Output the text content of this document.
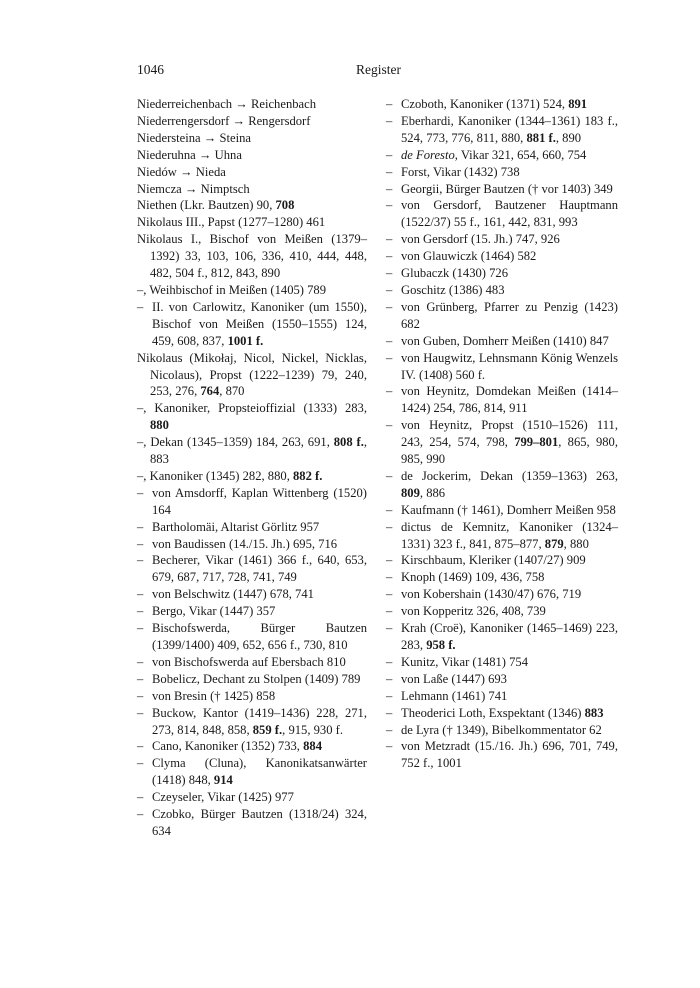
1046	Register
Niederreichenbach → Reichenbach
Niederrengersdorf → Rengersdorf
Niedersteina → Steina
Niederuhna → Uhna
Niedów → Nieda
Niemcza → Nimptsch
Niethen (Lkr. Bautzen) 90, 708
Nikolaus III., Papst (1277–1280) 461
Nikolaus I., Bischof von Meißen (1379–1392) 33, 103, 106, 336, 410, 444, 448, 482, 504 f., 812, 843, 890
–, Weihbischof in Meißen (1405) 789
– II. von Carlowitz, Kanoniker (um 1550), Bischof von Meißen (1550–1555) 124, 459, 608, 837, 1001 f.
Nikolaus (Mikołaj, Nicol, Nickel, Nicklas, Nicolaus), Propst (1222–1239) 79, 240, 253, 276, 764, 870
–, Kanoniker, Propsteioffizial (1333) 283, 880
–, Dekan (1345–1359) 184, 263, 691, 808 f., 883
–, Kanoniker (1345) 282, 880, 882 f.
– von Amsdorff, Kaplan Wittenberg (1520) 164
– Bartholomäi, Altarist Görlitz 957
– von Baudissen (14./15. Jh.) 695, 716
– Becherer, Vikar (1461) 366 f., 640, 653, 679, 687, 717, 728, 741, 749
– von Belschwitz (1447) 678, 741
– Bergo, Vikar (1447) 357
– Bischofswerda, Bürger Bautzen (1399/1400) 409, 652, 656 f., 730, 810
– von Bischofswerda auf Ebersbach 810
– Bobelicz, Dechant zu Stolpen (1409) 789
– von Bresin († 1425) 858
– Buckow, Kantor (1419–1436) 228, 271, 273, 814, 848, 858, 859 f., 915, 930 f.
– Cano, Kanoniker (1352) 733, 884
– Clyma (Cluna), Kanonikatsanwärter (1418) 848, 914
– Czeyseler, Vikar (1425) 977
– Czobko, Bürger Bautzen (1318/24) 324, 634
– Czoboth, Kanoniker (1371) 524, 891
– Eberhardi, Kanoniker (1344–1361) 183 f., 524, 773, 776, 811, 880, 881 f., 890
– de Foresto, Vikar 321, 654, 660, 754
– Forst, Vikar (1432) 738
– Georgii, Bürger Bautzen († vor 1403) 349
– von Gersdorf, Bautzener Hauptmann (1522/37) 55 f., 161, 442, 831, 993
– von Gersdorf (15. Jh.) 747, 926
– von Glauwiczk (1464) 582
– Glubaczk (1430) 726
– Goschitz (1386) 483
– von Grünberg, Pfarrer zu Penzig (1423) 682
– von Guben, Domherr Meißen (1410) 847
– von Haugwitz, Lehnsmann König Wenzels IV. (1408) 560 f.
– von Heynitz, Domdekan Meißen (1414–1424) 254, 786, 814, 911
– von Heynitz, Propst (1510–1526) 111, 243, 254, 574, 798, 799–801, 865, 980, 985, 990
– de Jockerim, Dekan (1359–1363) 263, 809, 886
– Kaufmann († 1461), Domherr Meißen 958
– dictus de Kemnitz, Kanoniker (1324–1331) 323 f., 841, 875–877, 879, 880
– Kirschbaum, Kleriker (1407/27) 909
– Knoph (1469) 109, 436, 758
– von Kobershain (1430/47) 676, 719
– von Kopperitz 326, 408, 739
– Krah (Croë), Kanoniker (1465–1469) 223, 283, 958 f.
– Kunitz, Vikar (1481) 754
– von Laße (1447) 693
– Lehmann (1461) 741
– Theoderici Loth, Exspektant (1346) 883
– de Lyra († 1349), Bibelkommentator 62
– von Metzradt (15./16. Jh.) 696, 701, 749, 752 f., 1001
